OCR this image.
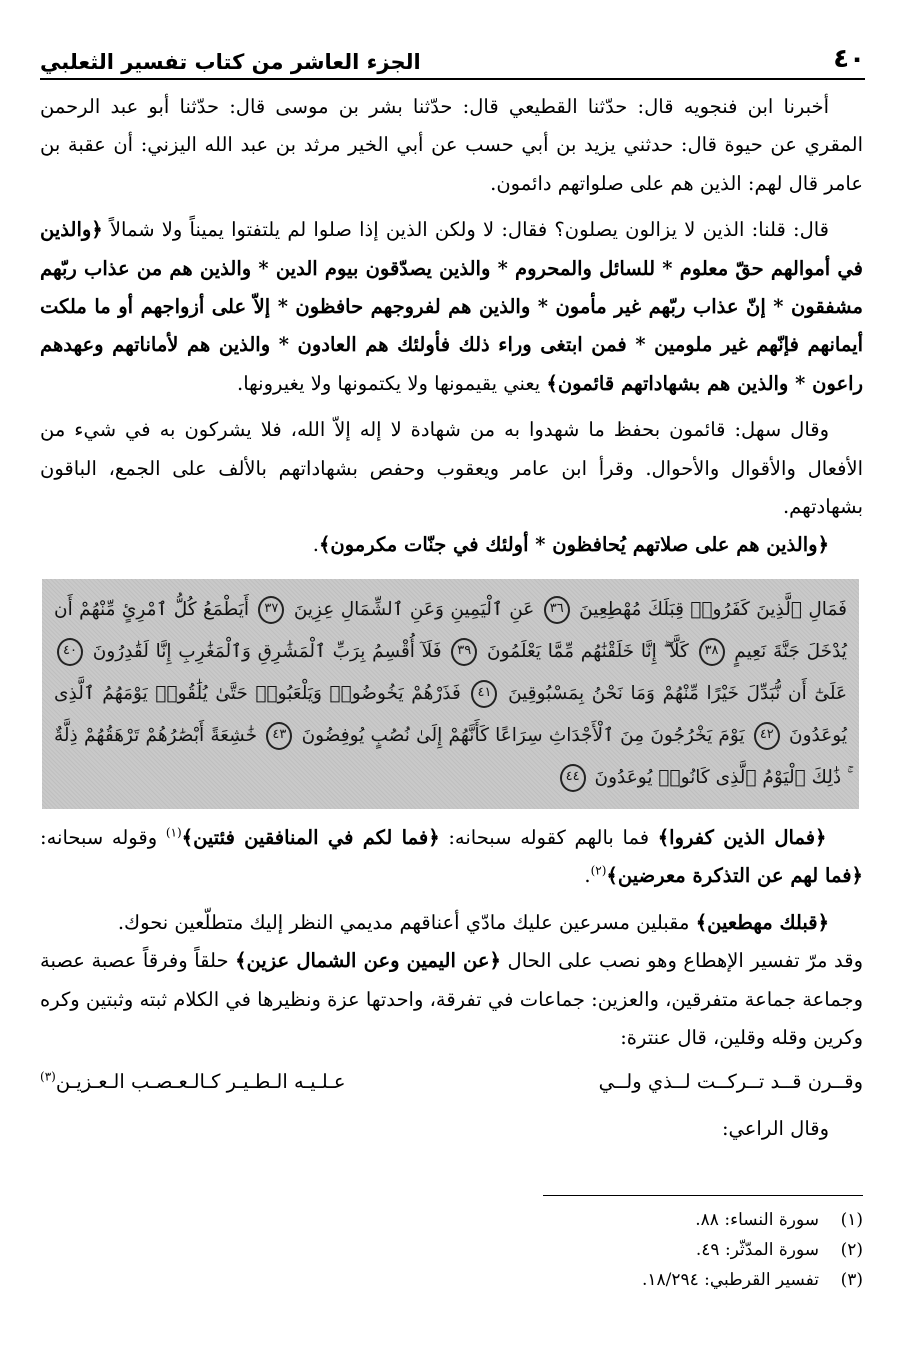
٤٠
الجزء العاشر من كتاب تفسير الثعلبي

أخبرنا ابن فنجويه قال: حدّثنا القطيعي قال: حدّثنا بشر بن موسى قال: حدّثنا أبو عبد الرحمن المقري عن حيوة قال: حدثني يزيد بن أبي حسب عن أبي الخير مرثد بن عبد الله اليزني: أن عقبة بن عامر قال لهم: الذين هم على صلواتهم دائمون.

قال: قلنا: الذين لا يزالون يصلون؟ فقال: لا ولكن الذين إذا صلوا لم يلتفتوا يميناً ولا شمالاً ﴿والذين في أموالهم حقّ معلوم * للسائل والمحروم * والذين يصدّقون بيوم الدين * والذين هم من عذاب ربّهم مشفقون * إنّ عذاب ربّهم غير مأمون * والذين هم لفروجهم حافظون * إلاّ على أزواجهم أو ما ملكت أيمانهم فإنّهم غير ملومين * فمن ابتغى وراء ذلك فأولئك هم العادون * والذين هم لأماناتهم وعهدهم راعون * والذين هم بشهاداتهم قائمون﴾ يعني يقيمونها ولا يكتمونها ولا يغيرونها.

وقال سهل: قائمون بحفظ ما شهدوا به من شهادة لا إله إلاّ الله، فلا يشركون به في شيء من الأفعال والأقوال والأحوال. وقرأ ابن عامر ويعقوب وحفص بشهاداتهم بالألف على الجمع، الباقون بشهادتهم.

﴿والذين هم على صلاتهم يُحافظون * أولئك في جنّات مكرمون﴾.

فَمَالِ ٱلَّذِينَ كَفَرُوا۟ قِبَلَكَ مُهْطِعِينَ ٣٦ عَنِ ٱلْيَمِينِ وَعَنِ ٱلشِّمَالِ عِزِينَ ٣٧ أَيَطْمَعُ كُلُّ ٱمْرِئٍ مِّنْهُمْ أَن يُدْخَلَ جَنَّةَ نَعِيمٍ ٣٨ كَلَّآ ۖ إِنَّا خَلَقْنَٰهُم مِّمَّا يَعْلَمُونَ ٣٩ فَلَآ أُقْسِمُ بِرَبِّ ٱلْمَشَٰرِقِ وَٱلْمَغَٰرِبِ إِنَّا لَقَٰدِرُونَ ٤٠ عَلَىٰٓ أَن نُّبَدِّلَ خَيْرًا مِّنْهُمْ وَمَا نَحْنُ بِمَسْبُوقِينَ ٤١ فَذَرْهُمْ يَخُوضُوا۟ وَيَلْعَبُوا۟ حَتَّىٰ يُلَٰقُوا۟ يَوْمَهُمُ ٱلَّذِى يُوعَدُونَ ٤٢ يَوْمَ يَخْرُجُونَ مِنَ ٱلْأَجْدَاثِ سِرَاعًا كَأَنَّهُمْ إِلَىٰ نُصُبٍ يُوفِضُونَ ٤٣ خَٰشِعَةً أَبْصَٰرُهُمْ تَرْهَقُهُمْ ذِلَّةٌ ۚ ذَٰلِكَ ٱلْيَوْمُ ٱلَّذِى كَانُوا۟ يُوعَدُونَ ٤٤

﴿فمال الذين كفروا﴾ فما بالهم كقوله سبحانه: ﴿فما لكم في المنافقين فئتين﴾$^{(١)}$ وقوله سبحانه: ﴿فما لهم عن التذكرة معرضين﴾$^{(٢)}$.

﴿قبلك مهطعين﴾ مقبلين مسرعين عليك مادّي أعناقهم مديمي النظر إليك متطلّعين نحوك.

وقد مرّ تفسير الإهطاع وهو نصب على الحال ﴿عن اليمين وعن الشمال عزين﴾ حلقاً وفرقاً عصبة عصبة وجماعة جماعة متفرقين، والعزين: جماعات في تفرقة، واحدتها عزة ونظيرها في الكلام ثبته وثبتين وكره وكرين وقله وقلين، قال عنترة:

وقــرن قــد تــركــت لــذي ولــي
عـلـيـه الـطـيـر كـالـعـصـب الـعـزيـن$^{(٣)}$

وقال الراعي:

(١)
سورة النساء: ٨٨.
(٢)
سورة المدّثّر: ٤٩.
(٣)
تفسير القرطبي: ١٨/٢٩٤.
